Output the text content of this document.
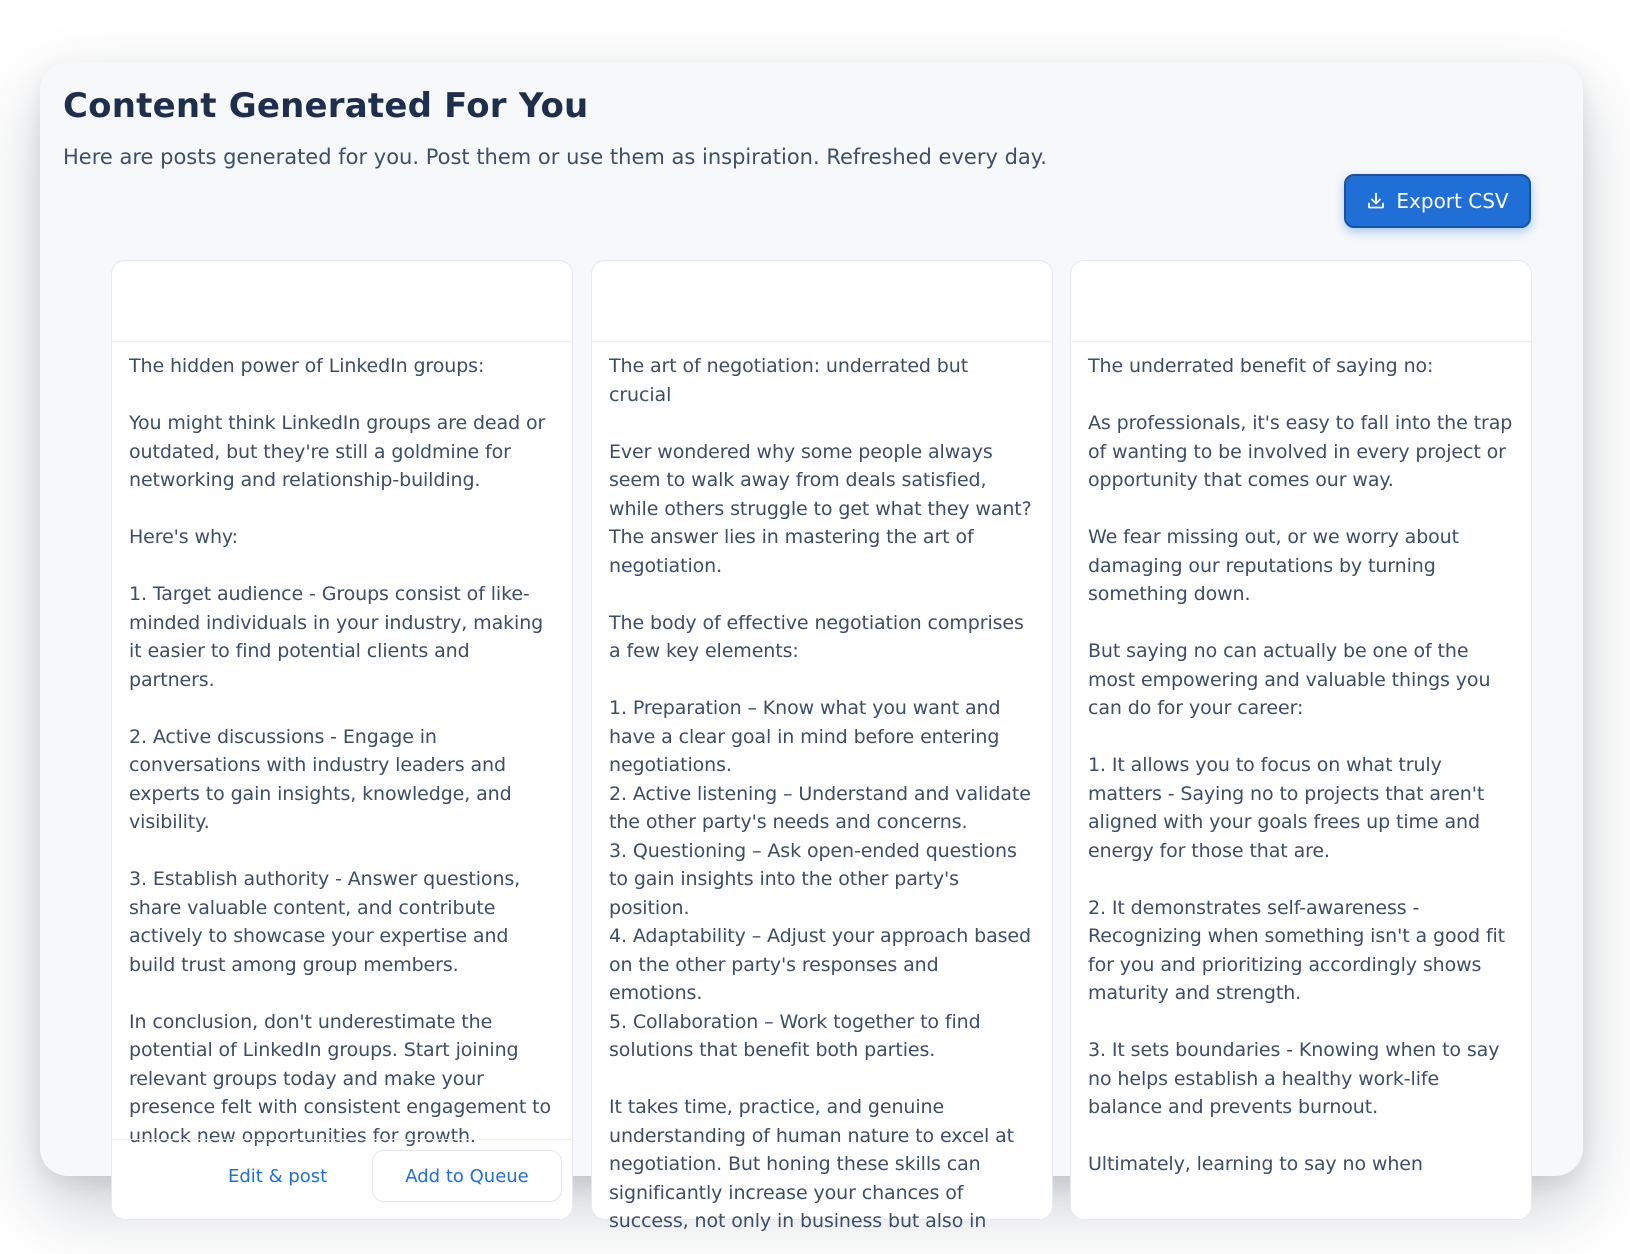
Content Generated For You

Here are posts generated for you. Post them or use them as inspiration. Refreshed every day.

Export CSV

The hidden power of LinkedIn groups:

You might think LinkedIn groups are dead or outdated, but they're still a goldmine for networking and relationship-building.

Here's why:

1. Target audience - Groups consist of like-minded individuals in your industry, making it easier to find potential clients and partners.

2. Active discussions - Engage in conversations with industry leaders and experts to gain insights, knowledge, and visibility.

3. Establish authority - Answer questions, share valuable content, and contribute actively to showcase your expertise and build trust among group members.

In conclusion, don't underestimate the potential of LinkedIn groups. Start joining relevant groups today and make your presence felt with consistent engagement to unlock new opportunities for growth.

Edit & post	Add to Queue

The art of negotiation: underrated but crucial

Ever wondered why some people always seem to walk away from deals satisfied, while others struggle to get what they want? The answer lies in mastering the art of negotiation.

The body of effective negotiation comprises a few key elements:

1. Preparation – Know what you want and have a clear goal in mind before entering negotiations.
2. Active listening – Understand and validate the other party's needs and concerns.
3. Questioning – Ask open-ended questions to gain insights into the other party's position.
4. Adaptability – Adjust your approach based on the other party's responses and emotions.
5. Collaboration – Work together to find solutions that benefit both parties.

It takes time, practice, and genuine understanding of human nature to excel at negotiation. But honing these skills can significantly increase your chances of success, not only in business but also in

The underrated benefit of saying no:

As professionals, it's easy to fall into the trap of wanting to be involved in every project or opportunity that comes our way.

We fear missing out, or we worry about damaging our reputations by turning something down.

But saying no can actually be one of the most empowering and valuable things you can do for your career:

1. It allows you to focus on what truly matters - Saying no to projects that aren't aligned with your goals frees up time and energy for those that are.

2. It demonstrates self-awareness - Recognizing when something isn't a good fit for you and prioritizing accordingly shows maturity and strength.

3. It sets boundaries - Knowing when to say no helps establish a healthy work-life balance and prevents burnout.

Ultimately, learning to say no when
